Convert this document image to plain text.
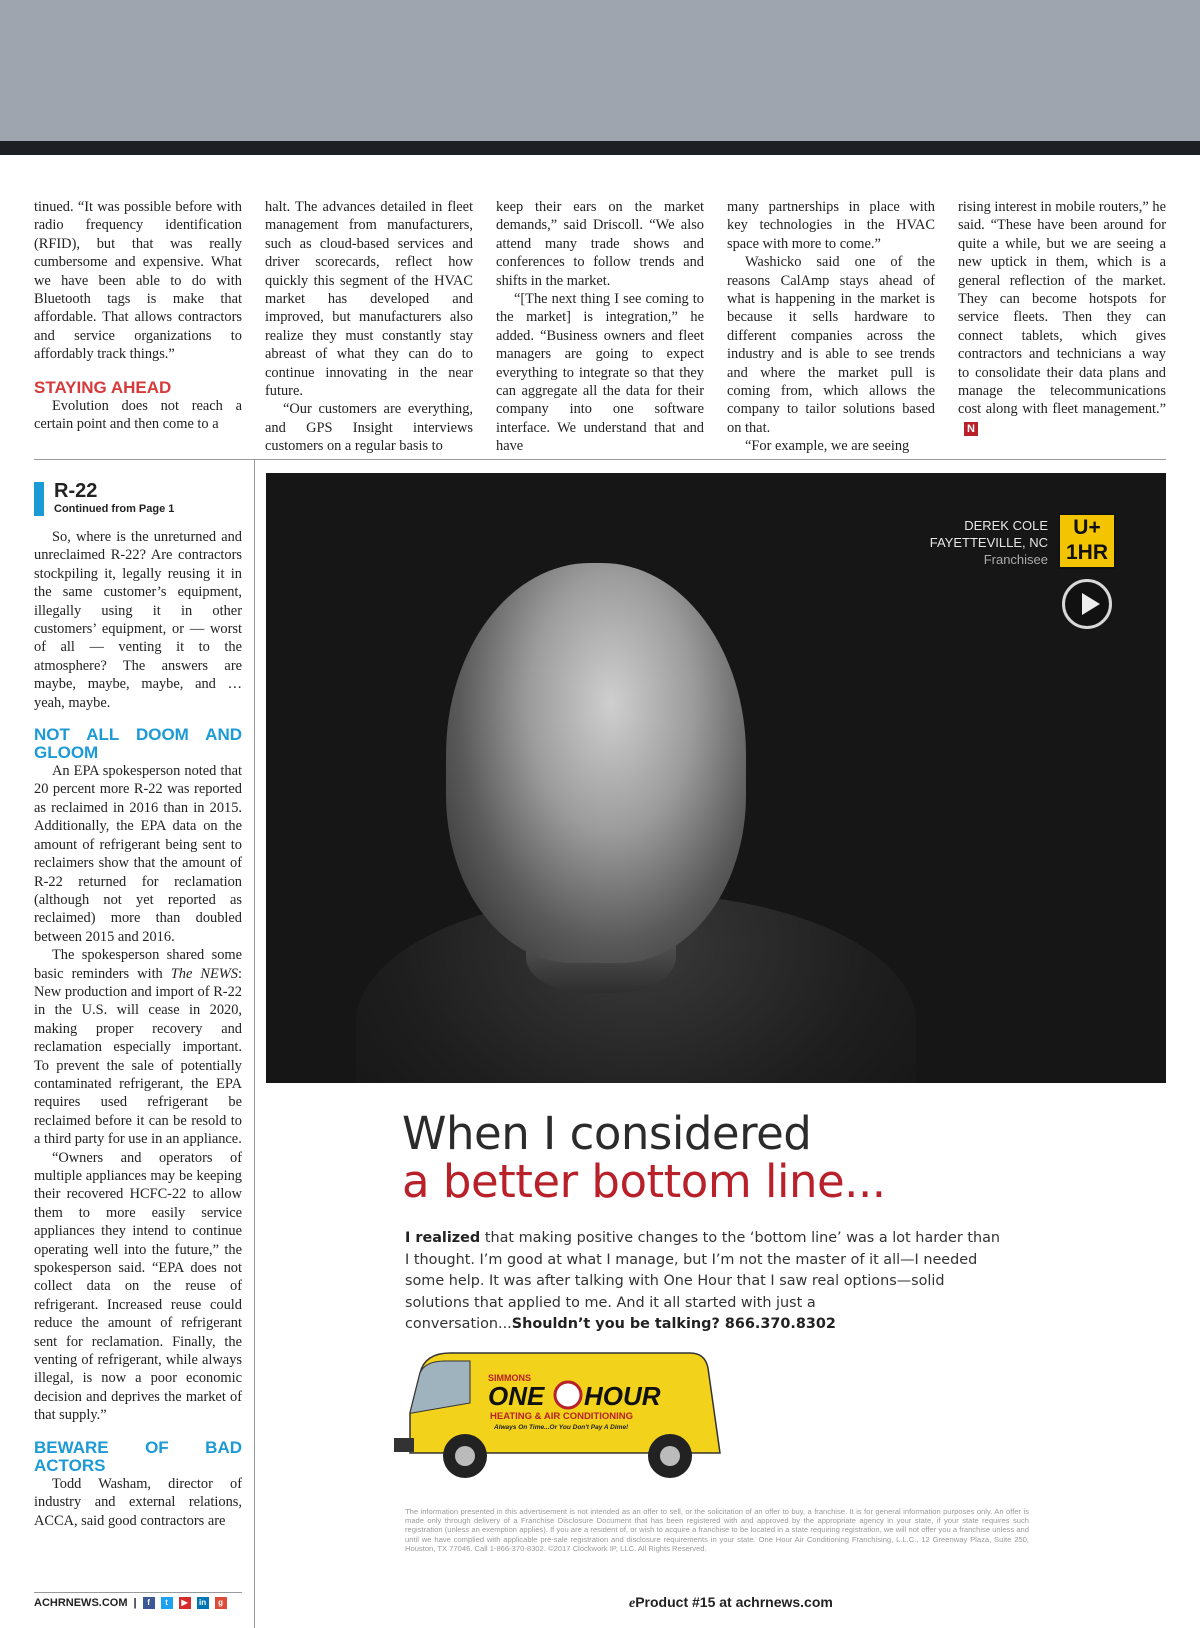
tinued. “It was possible before with radio frequency identification (RFID), but that was really cumbersome and expensive. What we have been able to do with Bluetooth tags is make that affordable. That allows contractors and service organizations to affordably track things.”

STAYING AHEAD

Evolution does not reach a certain point and then come to a

halt. The advances detailed in fleet management from manufacturers, such as cloud-based services and driver scorecards, reflect how quickly this segment of the HVAC market has developed and improved, but manufacturers also realize they must constantly stay abreast of what they can do to continue innovating in the near future.

“Our customers are everything, and GPS Insight interviews customers on a regular basis to

keep their ears on the market demands,” said Driscoll. “We also attend many trade shows and conferences to follow trends and shifts in the market.

“[The next thing I see coming to the market] is integration,” he added. “Business owners and fleet managers are going to expect everything to integrate so that they can aggregate all the data for their company into one software interface. We understand that and have

many partnerships in place with key technologies in the HVAC space with more to come.”

Washicko said one of the reasons CalAmp stays ahead of what is happening in the market is because it sells hardware to different companies across the industry and is able to see trends and where the market pull is coming from, which allows the company to tailor solutions based on that.

“For example, we are seeing

rising interest in mobile routers,” he said. “These have been around for quite a while, but we are seeing a new uptick in them, which is a general reflection of the market. They can become hotspots for service fleets. Then they can connect tablets, which gives contractors and technicians a way to consolidate their data plans and manage the telecommunications cost along with fleet management.”N

R-22
Continued from Page 1

So, where is the unreturned and unreclaimed R-22? Are contractors stockpiling it, legally reusing it in the same customer’s equipment, illegally using it in other customers’ equipment, or — worst of all — venting it to the atmosphere? The answers are maybe, maybe, maybe, and … yeah, maybe.

NOT ALL DOOM AND GLOOM

An EPA spokesperson noted that 20 percent more R-22 was reported as reclaimed in 2016 than in 2015. Additionally, the EPA data on the amount of refrigerant being sent to reclaimers show that the amount of R-22 returned for reclamation (although not yet reported as reclaimed) more than doubled between 2015 and 2016.

The spokesperson shared some basic reminders with The NEWS: New production and import of R-22 in the U.S. will cease in 2020, making proper recovery and reclamation especially important. To prevent the sale of potentially contaminated refrigerant, the EPA requires used refrigerant be reclaimed before it can be resold to a third party for use in an appliance.

“Owners and operators of multiple appliances may be keeping their recovered HCFC-22 to allow them to more easily service appliances they intend to continue operating well into the future,” the spokesperson said. “EPA does not collect data on the reuse of refrigerant. Increased reuse could reduce the amount of refrigerant sent for reclamation. Finally, the venting of refrigerant, while always illegal, is now a poor economic decision and deprives the market of that supply.”

BEWARE OF BAD ACTORS

Todd Washam, director of industry and external relations, ACCA, said good contractors are

ACHRNEWS.COM |	f	t	▶	in	g
DEREK COLE
FAYETTEVILLE, NC
Franchisee
U+
1HR
When I considered
a better bottom line...
I realized that making positive changes to the ‘bottom line’ was a lot harder than I thought. I’m good at what I manage, but I’m not the master of it all—I needed some help. It was after talking with One Hour that I saw real options—solid solutions that applied to me. And it all started with just a conversation...Shouldn’t you be talking? 866.370.8302
SIMMONS
ONE HOUR
HEATING & AIR CONDITIONING
Always On Time...Or You Don't Pay A Dime!
The information presented in this advertisement is not intended as an offer to sell, or the solicitation of an offer to buy, a franchise. It is for general information purposes only. An offer is made only through delivery of a Franchise Disclosure Document that has been registered with and approved by the appropriate agency in your state, if your state requires such registration (unless an exemption applies). If you are a resident of, or wish to acquire a franchise to be located in a state requiring registration, we will not offer you a franchise unless and until we have complied with applicable pre-sale registration and disclosure requirements in your state. One Hour Air Conditioning Franchising, L.L.C., 12 Greenway Plaza, Suite 250, Houston, TX 77046. Call 1-866-370-8302. ©2017 Clockwork IP, LLC. All Rights Reserved.
eProduct #15 at achrnews.com
